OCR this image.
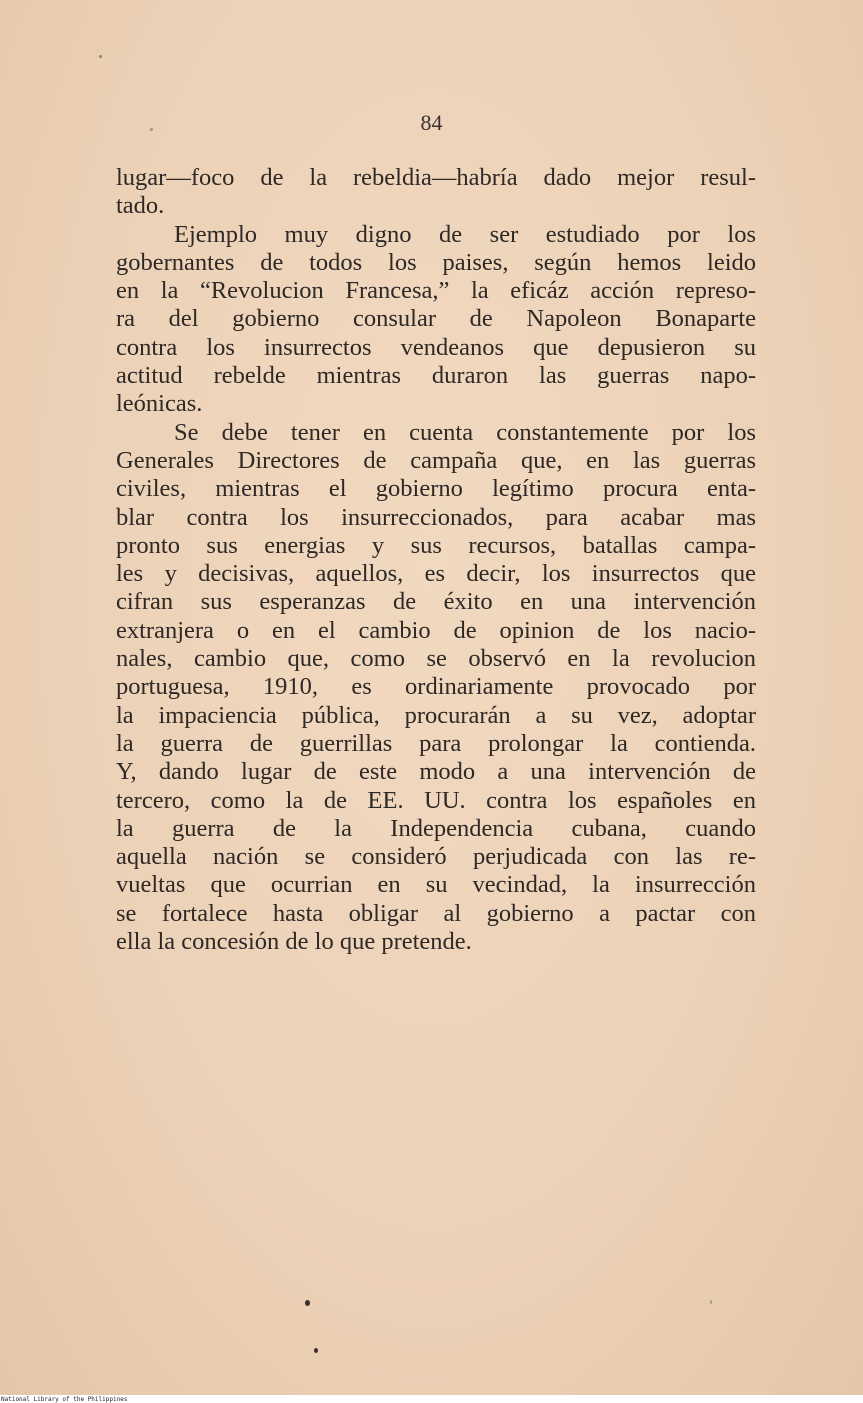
84
lugar—foco de la rebeldia—habría dado mejor resul-
tado.
Ejemplo muy digno de ser estudiado por los
gobernantes de todos los paises, según hemos leido
en la “Revolucion Francesa,” la eficáz acción represo-
ra del gobierno consular de Napoleon Bonaparte
contra los insurrectos vendeanos que depusieron su
actitud rebelde mientras duraron las guerras napo-
leónicas.
Se debe tener en cuenta constantemente por los
Generales Directores de campaña que, en las guerras
civiles, mientras el gobierno legítimo procura enta-
blar contra los insurreccionados, para acabar mas
pronto sus energias y sus recursos, batallas campa-
les y decisivas, aquellos, es decir, los insurrectos que
cifran sus esperanzas de éxito en una intervención
extranjera o en el cambio de opinion de los nacio-
nales, cambio que, como se observó en la revolucion
portuguesa, 1910, es ordinariamente provocado por
la impaciencia pública, procurarán a su vez, adoptar
la guerra de guerrillas para prolongar la contienda.
Y, dando lugar de este modo a una intervención de
tercero, como la de EE. UU. contra los españoles en
la guerra de la Independencia cubana, cuando
aquella nación se consideró perjudicada con las re-
vueltas que ocurrian en su vecindad, la insurrección
se fortalece hasta obligar al gobierno a pactar con
ella la concesión de lo que pretende.
National Library of the Philippines
